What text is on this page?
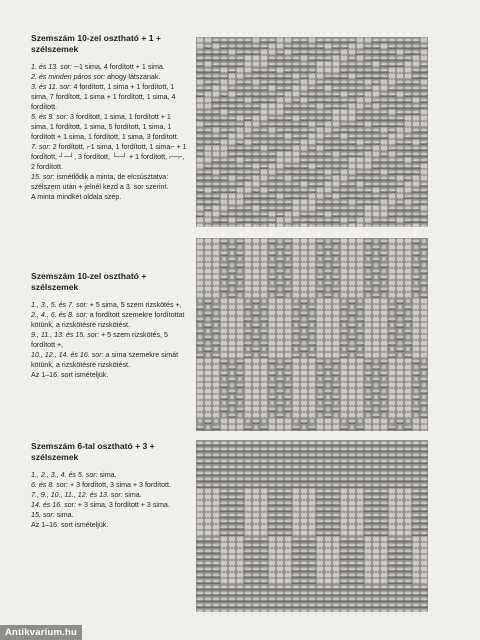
Szemszám 10-zel osztható + 1 + szélszemek

1. és 13. sor: ─1 sima, 4 fordított + 1 sima.

2. és minden páros sor: ahogy látszanak.

3. és 11. sor: 4 fordított, 1 sima + 1 fordított, 1 sima, 7 fordított, 1 sima + 1 fordított, 1 sima, 4 fordított.

5. és 9. sor: 3 fordított, 1 sima, 1 fordított + 1 sima, 1 fordított, 1 sima, 5 fordított, 1 sima, 1 fordított + 1 sima, 1 fordított, 1 sima, 3 fordított.

7. sor: 2 fordított, ⌐1 sima, 1 fordított, 1 sima⌐ + 1 fordított, ┘─┘, 3 fordított, └─┘ + 1 fordított, ⌐─⌐, 2 fordított.

15. sor: ismétlődik a minta, de elcsúsztatva: szélszem után + jelnél kezd a 3. sor szerint.

A minta mindkét oldala szép.

Szemszám 10-zel osztható + szélszemek

1., 3., 5. és 7. sor: + 5 sima, 5 szem rizskötés +,

2., 4., 6. és 8. sor: a fordított szemekre fordítottat kötünk, a rizskötésre rizskötést.

9., 11., 13. és 15. sor: + 5 szem rizskötés, 5 fordított +,

10., 12., 14. és 16. sor: a sima szemekre simát kötünk, a rizskötésre rizskötést.

Az 1–16. sort ismételjük.

Szemszám 6-tal osztható + 3 + szélszemek

1., 2., 3., 4. és 5. sor: sima.

6. és 8. sor: + 3 fordított, 3 sima + 3 fordított.

7., 9., 10., 11., 12. és 13. sor: sima.

14. és 16. sor: + 3 sima, 3 fordított + 3 sima.

15. sor: sima.

Az 1–16. sort ismételjük.

Antikvarium.hu
